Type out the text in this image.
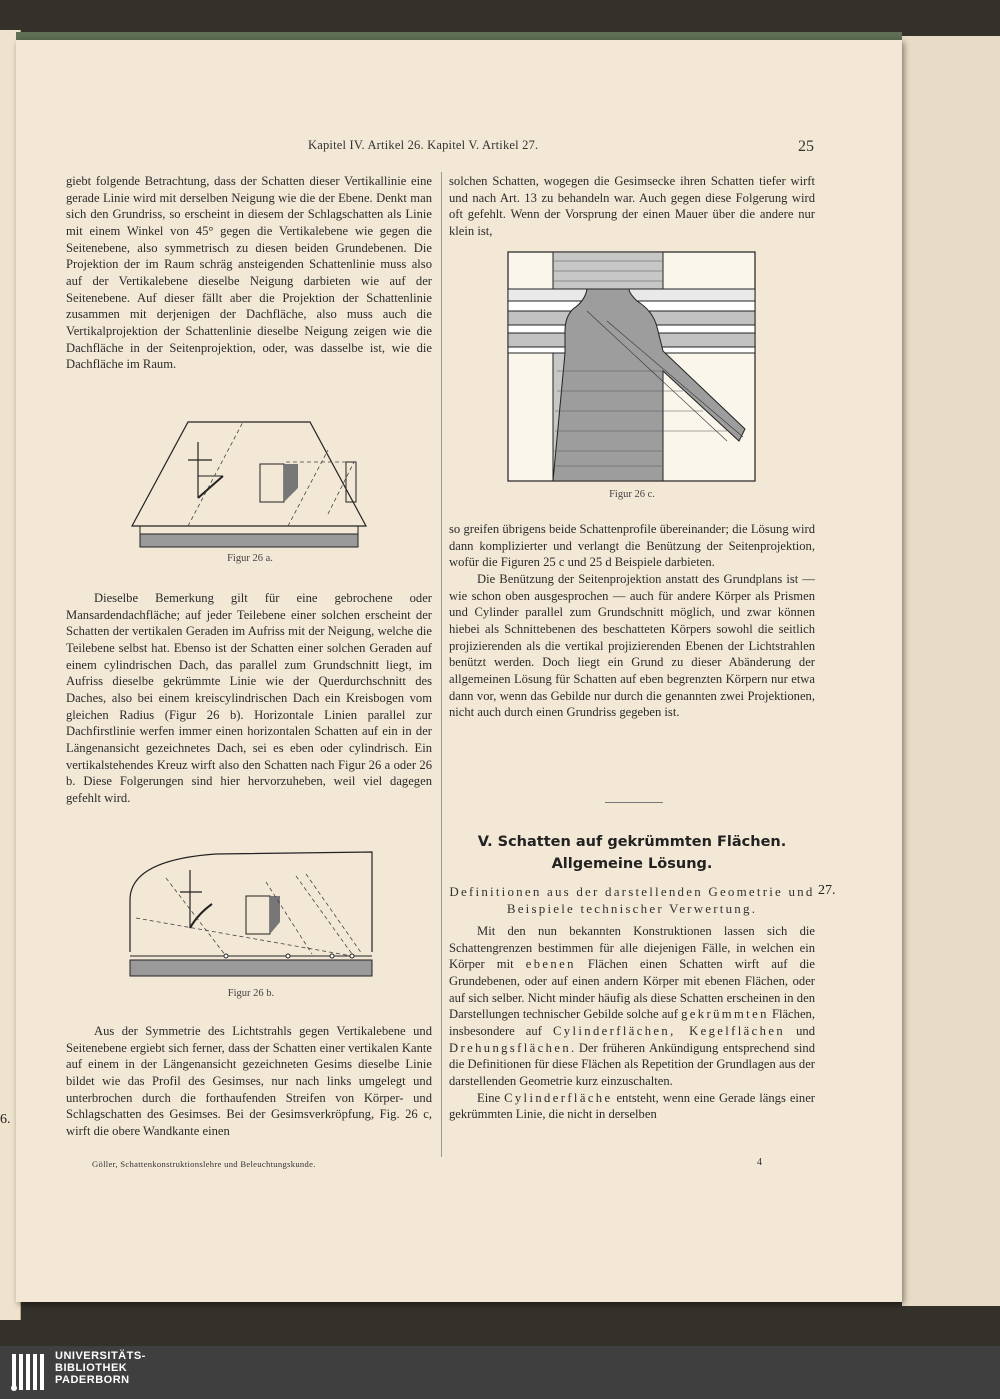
6.
Kapitel IV. Artikel 26. Kapitel V. Artikel 27.	25

giebt folgende Betrachtung, dass der Schatten dieser Vertikallinie eine gerade Linie wird mit derselben Neigung wie die der Ebene. Denkt man sich den Grundriss, so erscheint in diesem der Schlagschatten als Linie mit einem Winkel von 45° gegen die Vertikalebene wie gegen die Seitenebene, also symmetrisch zu diesen beiden Grundebenen. Die Projektion der im Raum schräg ansteigenden Schattenlinie muss also auf der Vertikalebene dieselbe Neigung darbieten wie auf der Seitenebene. Auf dieser fällt aber die Projektion der Schattenlinie zusammen mit derjenigen der Dachfläche, also muss auch die Vertikalprojektion der Schattenlinie dieselbe Neigung zeigen wie die Dachfläche in der Seitenprojektion, oder, was dasselbe ist, wie die Dachfläche im Raum.

Figur 26 a.

Dieselbe Bemerkung gilt für eine gebrochene oder Mansardendachfläche; auf jeder Teilebene einer solchen erscheint der Schatten der vertikalen Geraden im Aufriss mit der Neigung, welche die Teilebene selbst hat. Ebenso ist der Schatten einer solchen Geraden auf einem cylindrischen Dach, das parallel zum Grundschnitt liegt, im Aufriss dieselbe gekrümmte Linie wie der Querdurchschnitt des Daches, also bei einem kreiscylindrischen Dach ein Kreisbogen vom gleichen Radius (Figur 26 b). Horizontale Linien parallel zur Dachfirstlinie werfen immer einen horizontalen Schatten auf ein in der Längenansicht gezeichnetes Dach, sei es eben oder cylindrisch. Ein vertikalstehendes Kreuz wirft also den Schatten nach Figur 26 a oder 26 b. Diese Folgerungen sind hier hervorzuheben, weil viel dagegen gefehlt wird.

Figur 26 b.

Aus der Symmetrie des Lichtstrahls gegen Vertikalebene und Seitenebene ergiebt sich ferner, dass der Schatten einer vertikalen Kante auf einem in der Längenansicht gezeichneten Gesims dieselbe Linie bildet wie das Profil des Gesimses, nur nach links umgelegt und unterbrochen durch die forthaufenden Streifen von Körper- und Schlagschatten des Gesimses. Bei der Gesimsverkröpfung, Fig. 26 c, wirft die obere Wandkante einen

Göller, Schattenkonstruktionslehre und Beleuchtungskunde.

solchen Schatten, wogegen die Gesimsecke ihren Schatten tiefer wirft und nach Art. 13 zu behandeln war. Auch gegen diese Folgerung wird oft gefehlt. Wenn der Vorsprung der einen Mauer über die andere nur klein ist,

Figur 26 c.

so greifen übrigens beide Schattenprofile übereinander; die Lösung wird dann komplizierter und verlangt die Benützung der Seitenprojektion, wofür die Figuren 25 c und 25 d Beispiele darbieten.

Die Benützung der Seitenprojektion anstatt des Grundplans ist — wie schon oben ausgesprochen — auch für andere Körper als Prismen und Cylinder parallel zum Grundschnitt möglich, und zwar können hiebei als Schnittebenen des beschatteten Körpers sowohl die seitlich projizierenden als die vertikal projizierenden Ebenen der Lichtstrahlen benützt werden. Doch liegt ein Grund zu dieser Abänderung der allgemeinen Lösung für Schatten auf eben begrenzten Körpern nur etwa dann vor, wenn das Gebilde nur durch die genannten zwei Projektionen, nicht auch durch einen Grundriss gegeben ist.

V. Schatten auf gekrümmten Flächen. Allgemeine Lösung.
Definitionen aus der darstellenden Geometrie und Beispiele technischer Verwertung.
27.

Mit den nun bekannten Konstruktionen lassen sich die Schattengrenzen bestimmen für alle diejenigen Fälle, in welchen ein Körper mit ebenen Flächen einen Schatten wirft auf die Grundebenen, oder auf einen andern Körper mit ebenen Flächen, oder auf sich selber. Nicht minder häufig als diese Schatten erscheinen in den Darstellungen technischer Gebilde solche auf gekrümmten Flächen, insbesondere auf Cylinderflächen, Kegelflächen und Drehungsflächen. Der früheren Ankündigung entsprechend sind die Definitionen für diese Flächen als Repetition der Grundlagen aus der darstellenden Geometrie kurz einzuschalten.

Eine Cylinderfläche entsteht, wenn eine Gerade längs einer gekrümmten Linie, die nicht in derselben

4
UNIVERSITÄTS-
BIBLIOTHEK
PADERBORN
